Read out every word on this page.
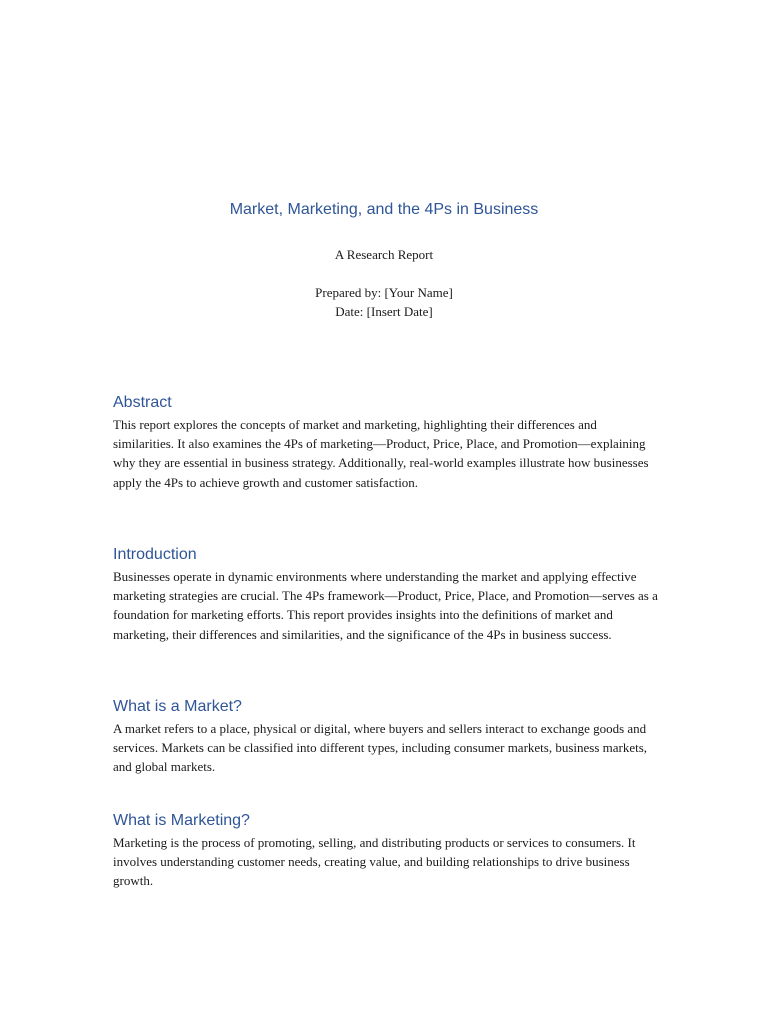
Market, Marketing, and the 4Ps in Business

A Research Report

Prepared by: [Your Name]

Date: [Insert Date]

Abstract

This report explores the concepts of market and marketing, highlighting their differences and similarities. It also examines the 4Ps of marketing—Product, Price, Place, and Promotion—explaining why they are essential in business strategy. Additionally, real-world examples illustrate how businesses apply the 4Ps to achieve growth and customer satisfaction.

Introduction

Businesses operate in dynamic environments where understanding the market and applying effective marketing strategies are crucial. The 4Ps framework—Product, Price, Place, and Promotion—serves as a foundation for marketing efforts. This report provides insights into the definitions of market and marketing, their differences and similarities, and the significance of the 4Ps in business success.

What is a Market?

A market refers to a place, physical or digital, where buyers and sellers interact to exchange goods and services. Markets can be classified into different types, including consumer markets, business markets, and global markets.

What is Marketing?

Marketing is the process of promoting, selling, and distributing products or services to consumers. It involves understanding customer needs, creating value, and building relationships to drive business growth.
